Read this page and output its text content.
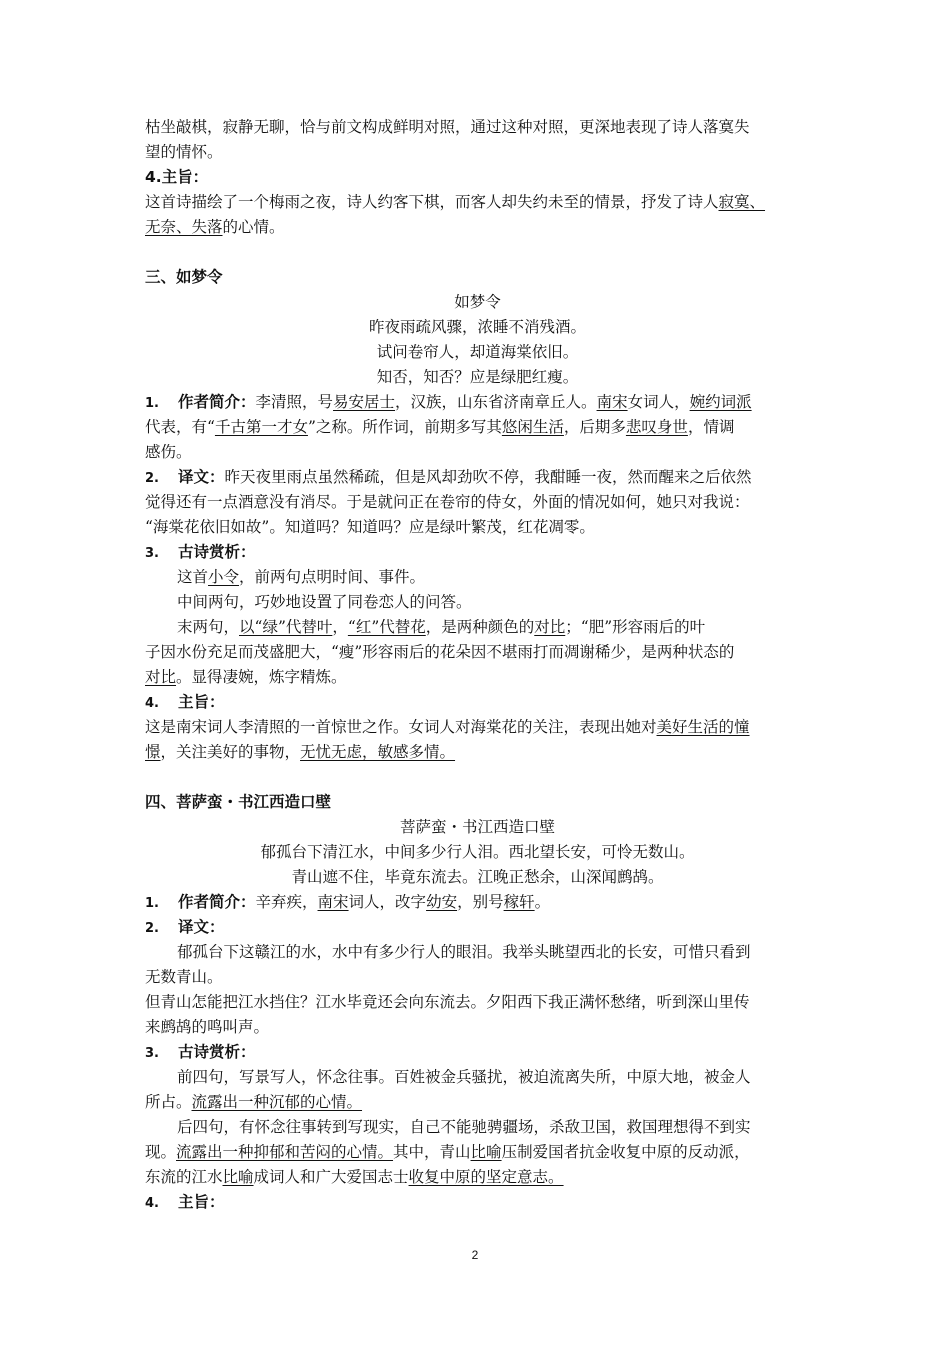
枯坐敲棋，寂静无聊，恰与前文构成鲜明对照，通过这种对照，更深地表现了诗人落寞失
望的情怀。
4.主旨：
这首诗描绘了一个梅雨之夜，诗人约客下棋，而客人却失约未至的情景，抒发了诗人寂寞、
无奈、失落的心情。
三、如梦令
如梦令
昨夜雨疏风骤，浓睡不消残酒。
试问卷帘人，却道海棠依旧。
知否，知否？应是绿肥红瘦。
1. 作者简介：李清照，号易安居士，汉族，山东省济南章丘人。南宋女词人，婉约词派
代表，有“千古第一才女”之称。所作词，前期多写其悠闲生活，后期多悲叹身世，情调
感伤。
2. 译文：昨天夜里雨点虽然稀疏，但是风却劲吹不停，我酣睡一夜，然而醒来之后依然
觉得还有一点酒意没有消尽。于是就问正在卷帘的侍女，外面的情况如何，她只对我说：
“海棠花依旧如故”。知道吗？知道吗？应是绿叶繁茂，红花凋零。
3. 古诗赏析：
这首小令，前两句点明时间、事件。
中间两句，巧妙地设置了同卷恋人的问答。
末两句，以“绿”代替叶，“红”代替花，是两种颜色的对比；“肥”形容雨后的叶
子因水份充足而茂盛肥大，“瘦”形容雨后的花朵因不堪雨打而凋谢稀少，是两种状态的
对比。显得凄婉，炼字精炼。
4. 主旨：
这是南宋词人李清照的一首惊世之作。女词人对海棠花的关注，表现出她对美好生活的憧
憬，关注美好的事物，无忧无虑，敏感多情。
四、菩萨蛮・书江西造口壁
菩萨蛮・书江西造口壁
郁孤台下清江水，中间多少行人泪。西北望长安，可怜无数山。
青山遮不住，毕竟东流去。江晚正愁余，山深闻鹧鸪。
1. 作者简介：辛弃疾，南宋词人，改字幼安，别号稼轩。
2. 译文：
郁孤台下这赣江的水，水中有多少行人的眼泪。我举头眺望西北的长安，可惜只看到
无数青山。
但青山怎能把江水挡住？江水毕竟还会向东流去。夕阳西下我正满怀愁绪，听到深山里传
来鹧鸪的鸣叫声。
3. 古诗赏析：
前四句，写景写人，怀念往事。百姓被金兵骚扰，被迫流离失所，中原大地，被金人
所占。流露出一种沉郁的心情。
后四句，有怀念往事转到写现实，自己不能驰骋疆场，杀敌卫国，救国理想得不到实
现。流露出一种抑郁和苦闷的心情。其中，青山比喻压制爱国者抗金收复中原的反动派，
东流的江水比喻成词人和广大爱国志士收复中原的坚定意志。
4. 主旨：
2
